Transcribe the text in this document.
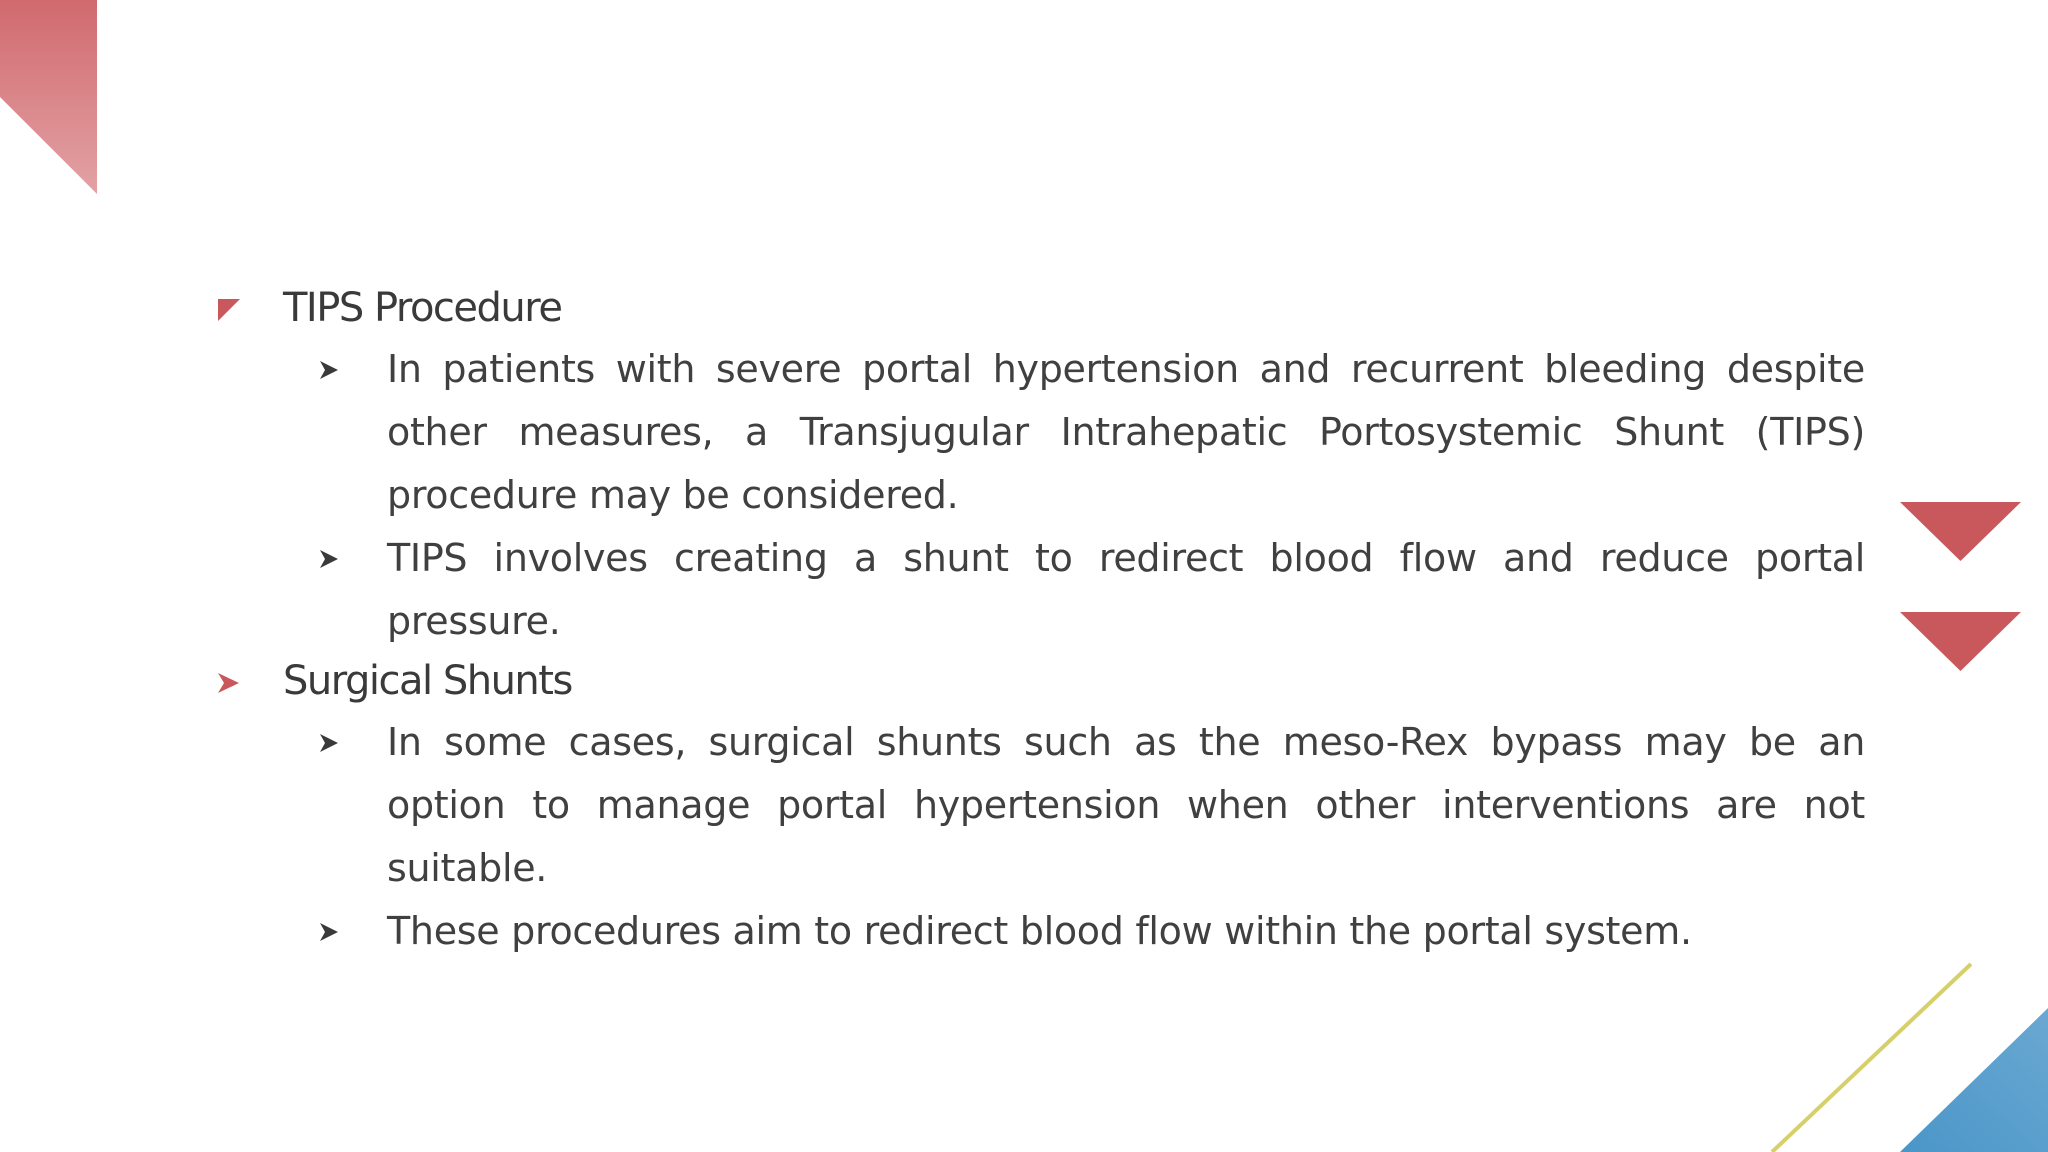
TIPS Procedure
In patients with severe portal hypertension and recurrent bleeding despite other measures, a Transjugular Intrahepatic Portosystemic Shunt (TIPS) procedure may be considered.
TIPS involves creating a shunt to redirect blood flow and reduce portal pressure.
Surgical Shunts
In some cases, surgical shunts such as the meso-Rex bypass may be an option to manage portal hypertension when other interventions are not suitable.
These procedures aim to redirect blood flow within the portal system.
